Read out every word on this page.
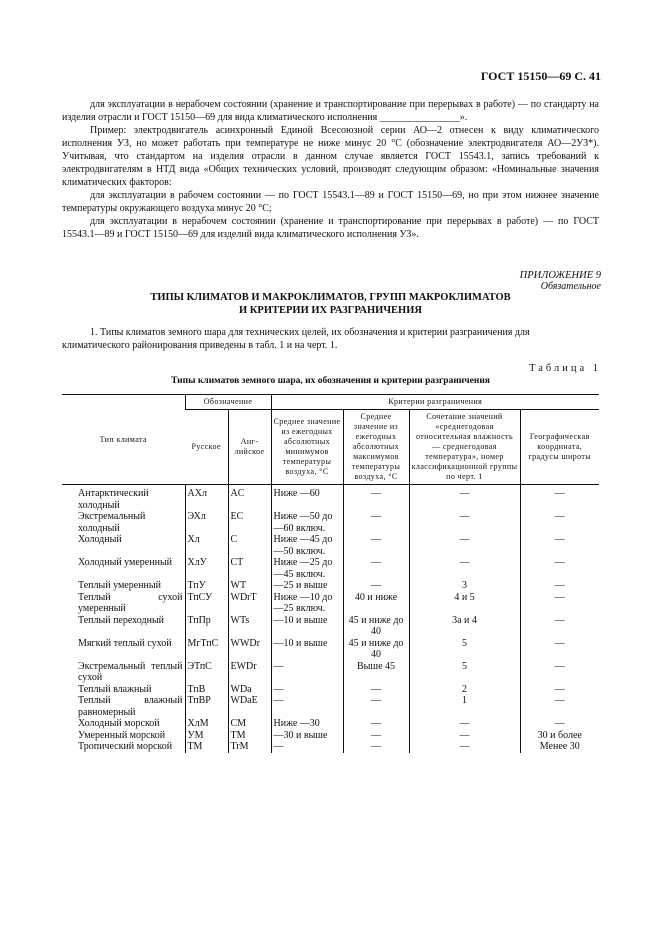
ГОСТ 15150—69 С. 41

для эксплуатации в нерабочем состоянии (хранение и транспортирование при перерывах в работе) — по стандарту на изделия отрасли и ГОСТ 15150—69 для вида климатического исполнения ________________».

Пример: электродвигатель асинхронный Единой Всесоюзной серии АО—2 отнесен к виду климатического исполнения УЗ, но может работать при температуре не ниже минус 20 °С (обозначение электродвигателя АО—2УЗ*). Учитывая, что стандартом на изделия отрасли в данном случае является ГОСТ 15543.1, запись требований к электродвигателям в НТД вида «Общих технических условий, производят следующим образом: «Номинальные значения климатических факторов:

для эксплуатации в рабочем состоянии — по ГОСТ 15543.1—89 и ГОСТ 15150—69, но при этом нижнее значение температуры окружающего воздуха минус 20 °С;

для эксплуатации в нерабочем состоянии (хранение и транспортирование при перерывах в работе) — по ГОСТ 15543.1—89 и ГОСТ 15150—69 для изделий вида климатического исполнения УЗ».

ПРИЛОЖЕНИЕ 9
Обязательное
ТИПЫ КЛИМАТОВ И МАКРОКЛИМАТОВ, ГРУПП МАКРОКЛИМАТОВ
И КРИТЕРИИ ИХ РАЗГРАНИЧЕНИЯ
1. Типы климатов земного шара для технических целей, их обозначения и критерии разграничения для климатического районирования приведены в табл. 1 и на черт. 1.
Таблица 1
Типы климатов земного шара, их обозначения и критерии разграничения
Тип климата	Обозначение		Критерии разграничения			
	Русское	Анг-
лийское	Среднее значение из ежегодных абсолютных минимумов температуры воздуха, °С	Среднее значение из ежегодных абсолютных максимумов температуры воздуха, °С	Сочетание значений «среднегодовая относительная влажность — среднегодовая температура», номер классификационной группы по черт. 1	Географическая координата, градусы широты
Антарктический холодный	АХл	AC	Ниже —60	—	—	—
Экстремальный холодный	ЭХл	EC	Ниже —50 до —60 включ.	—	—	—
Холодный	Хл	C	Ниже —45 до —50 включ.	—	—	—
Холодный умеренный	ХлУ	CT	Ниже —25 до —45 включ.	—	—	—
Теплый умеренный	ТпУ	WT	—25 и выше	—	3	—
Теплый сухой умеренный	ТпСУ	WDrT	Ниже —10 до —25 включ.	40 и ниже	4 и 5	—
Теплый переходный	ТпПр	WTs	—10 и выше	45 и ниже до 40	3а и 4	—
Мягкий теплый сухой	МгТпС	WWDr	—10 и выше	45 и ниже до 40	5	—
Экстремальный теплый сухой	ЭТпС	EWDr	—	Выше 45	5	—
Теплый влажный	ТпВ	WDa	—	—	2	—
Теплый влажный равномерный	ТпВР	WDaE	—	—	1	—
Холодный морской	ХлМ	CM	Ниже —30	—	—	—
Умеренный морской	УМ	TM	—30 и выше	—	—	30 и более
Тропический морской	ТМ	TrM	—	—	—	Менее 30
